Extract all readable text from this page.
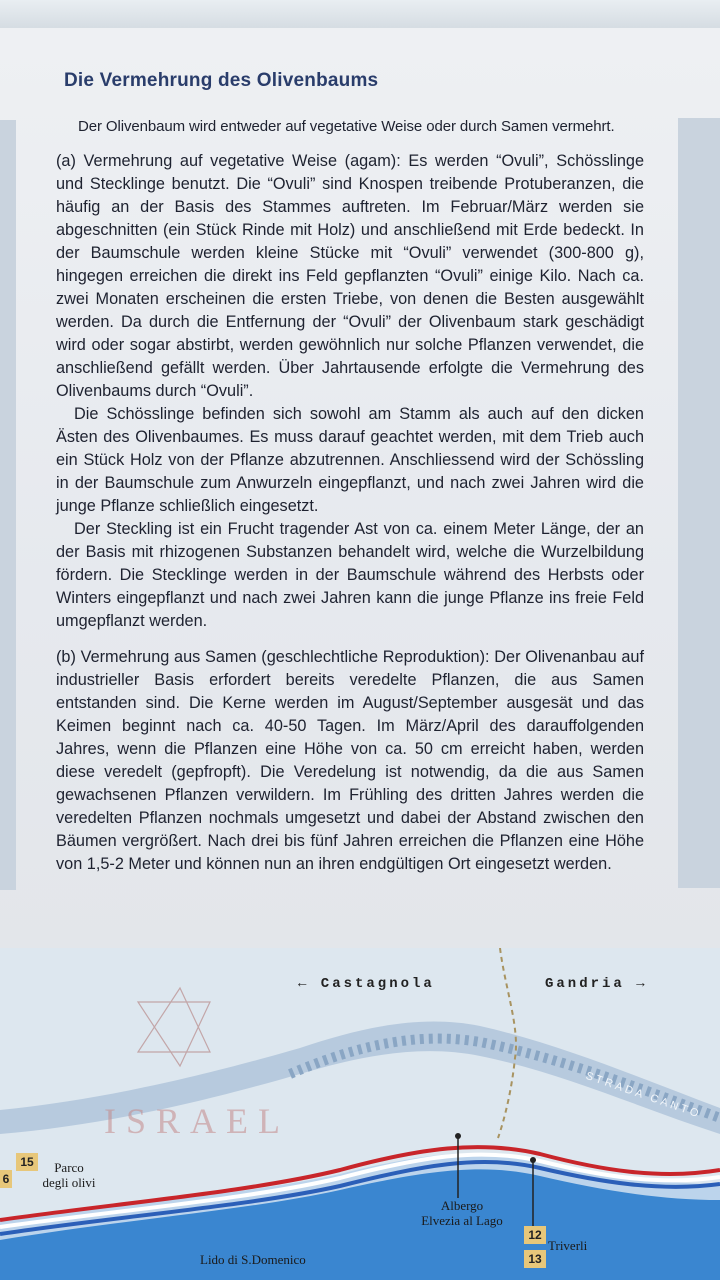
Die Vermehrung des Olivenbaums
Der Olivenbaum wird entweder auf vegetative Weise oder durch Samen vermehrt.

(a) Vermehrung auf vegetative Weise (agam): Es werden “Ovuli”, Schösslinge und Stecklinge benutzt. Die “Ovuli” sind Knospen treibende Protuberanzen, die häufig an der Basis des Stammes auftreten. Im Februar/März werden sie abgeschnitten (ein Stück Rinde mit Holz) und anschließend mit Erde bedeckt. In der Baumschule werden kleine Stücke mit “Ovuli” verwendet (300-800 g), hingegen erreichen die direkt ins Feld gepflanzten “Ovuli” einige Kilo. Nach ca. zwei Monaten erscheinen die ersten Triebe, von denen die Besten ausgewählt werden. Da durch die Entfernung der “Ovuli” der Olivenbaum stark geschädigt wird oder sogar abstirbt, werden gewöhnlich nur solche Pflanzen verwendet, die anschließend gefällt werden. Über Jahrtausende erfolgte die Vermehrung des Olivenbaums durch “Ovuli”.

Die Schösslinge befinden sich sowohl am Stamm als auch auf den dicken Ästen des Olivenbaumes. Es muss darauf geachtet werden, mit dem Trieb auch ein Stück Holz von der Pflanze abzutrennen. Anschliessend wird der Schössling in der Baumschule zum Anwurzeln eingepflanzt, und nach zwei Jahren wird die junge Pflanze schließlich eingesetzt.

Der Steckling ist ein Frucht tragender Ast von ca. einem Meter Länge, der an der Basis mit rhizogenen Substanzen behandelt wird, welche die Wurzelbildung fördern. Die Stecklinge werden in der Baumschule während des Herbsts oder Winters eingepflanzt und nach zwei Jahren kann die junge Pflanze ins freie Feld umgepflanzt werden.

(b) Vermehrung aus Samen (geschlechtliche Reproduktion): Der Olivenanbau auf industrieller Basis erfordert bereits veredelte Pflanzen, die aus Samen entstanden sind. Die Kerne werden im August/September ausgesät und das Keimen beginnt nach ca. 40-50 Tagen. Im März/April des darauffolgenden Jahres, wenn die Pflanzen eine Höhe von ca. 50 cm erreicht haben, werden diese veredelt (gepfropft). Die Veredelung ist notwendig, da die aus Samen gewachsenen Pflanzen verwildern. Im Frühling des dritten Jahres werden die veredelten Pflanzen nochmals umgesetzt und dabei der Abstand zwischen den Bäumen vergrößert. Nach drei bis fünf Jahren erreichen die Pflanzen eine Höhe von 1,5-2 Meter und können nun an ihren endgültigen Ort eingesetzt werden.

← Castagnola	Gandria →
STRADA CANTO
ISRAEL
15
6
12
13
Parco
degli olivi
Albergo
Elvezia al Lago
Triverli
Lido di S.Domenico
